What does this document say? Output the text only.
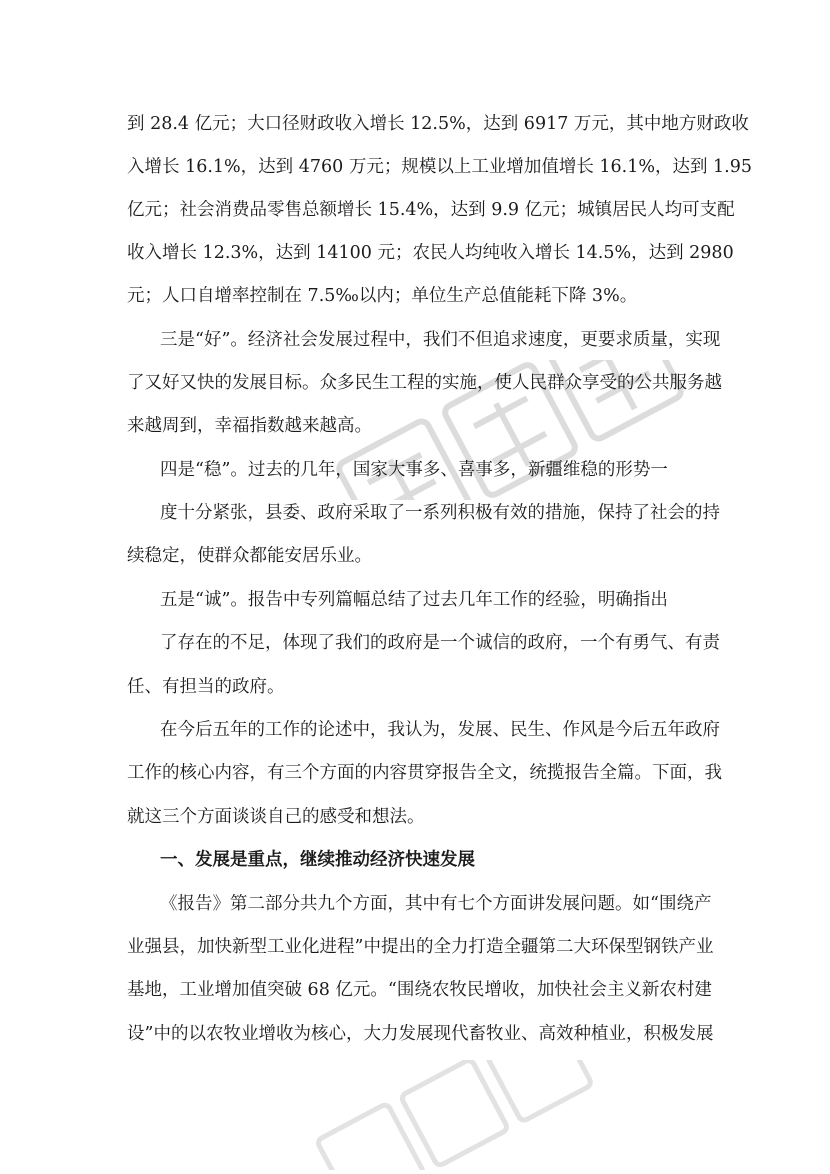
到 28.4 亿元；大口径财政收入增长 12.5%，达到 6917 万元，其中地方财政收
入增长 16.1%，达到 4760 万元；规模以上工业增加值增长 16.1%，达到 1.95
亿元；社会消费品零售总额增长 15.4%，达到 9.9 亿元；城镇居民人均可支配
收入增长 12.3%，达到 14100 元；农民人均纯收入增长 14.5%，达到 2980
元；人口自增率控制在 7.5‰以内；单位生产总值能耗下降 3%。
三是“好”。经济社会发展过程中，我们不但追求速度，更要求质量，实现
了又好又快的发展目标。众多民生工程的实施，使人民群众享受的公共服务越
来越周到，幸福指数越来越高。
四是“稳”。过去的几年，国家大事多、喜事多，新疆维稳的形势一
度十分紧张，县委、政府采取了一系列积极有效的措施，保持了社会的持
续稳定，使群众都能安居乐业。
五是“诚”。报告中专列篇幅总结了过去几年工作的经验，明确指出
了存在的不足，体现了我们的政府是一个诚信的政府，一个有勇气、有责
任、有担当的政府。
在今后五年的工作的论述中，我认为，发展、民生、作风是今后五年政府
工作的核心内容，有三个方面的内容贯穿报告全文，统揽报告全篇。下面，我
就这三个方面谈谈自己的感受和想法。
一、发展是重点，继续推动经济快速发展
《报告》第二部分共九个方面，其中有七个方面讲发展问题。如“围绕产
业强县，加快新型工业化进程”中提出的全力打造全疆第二大环保型钢铁产业
基地，工业增加值突破 68 亿元。“围绕农牧民增收，加快社会主义新农村建
设”中的以农牧业增收为核心，大力发展现代畜牧业、高效种植业，积极发展
